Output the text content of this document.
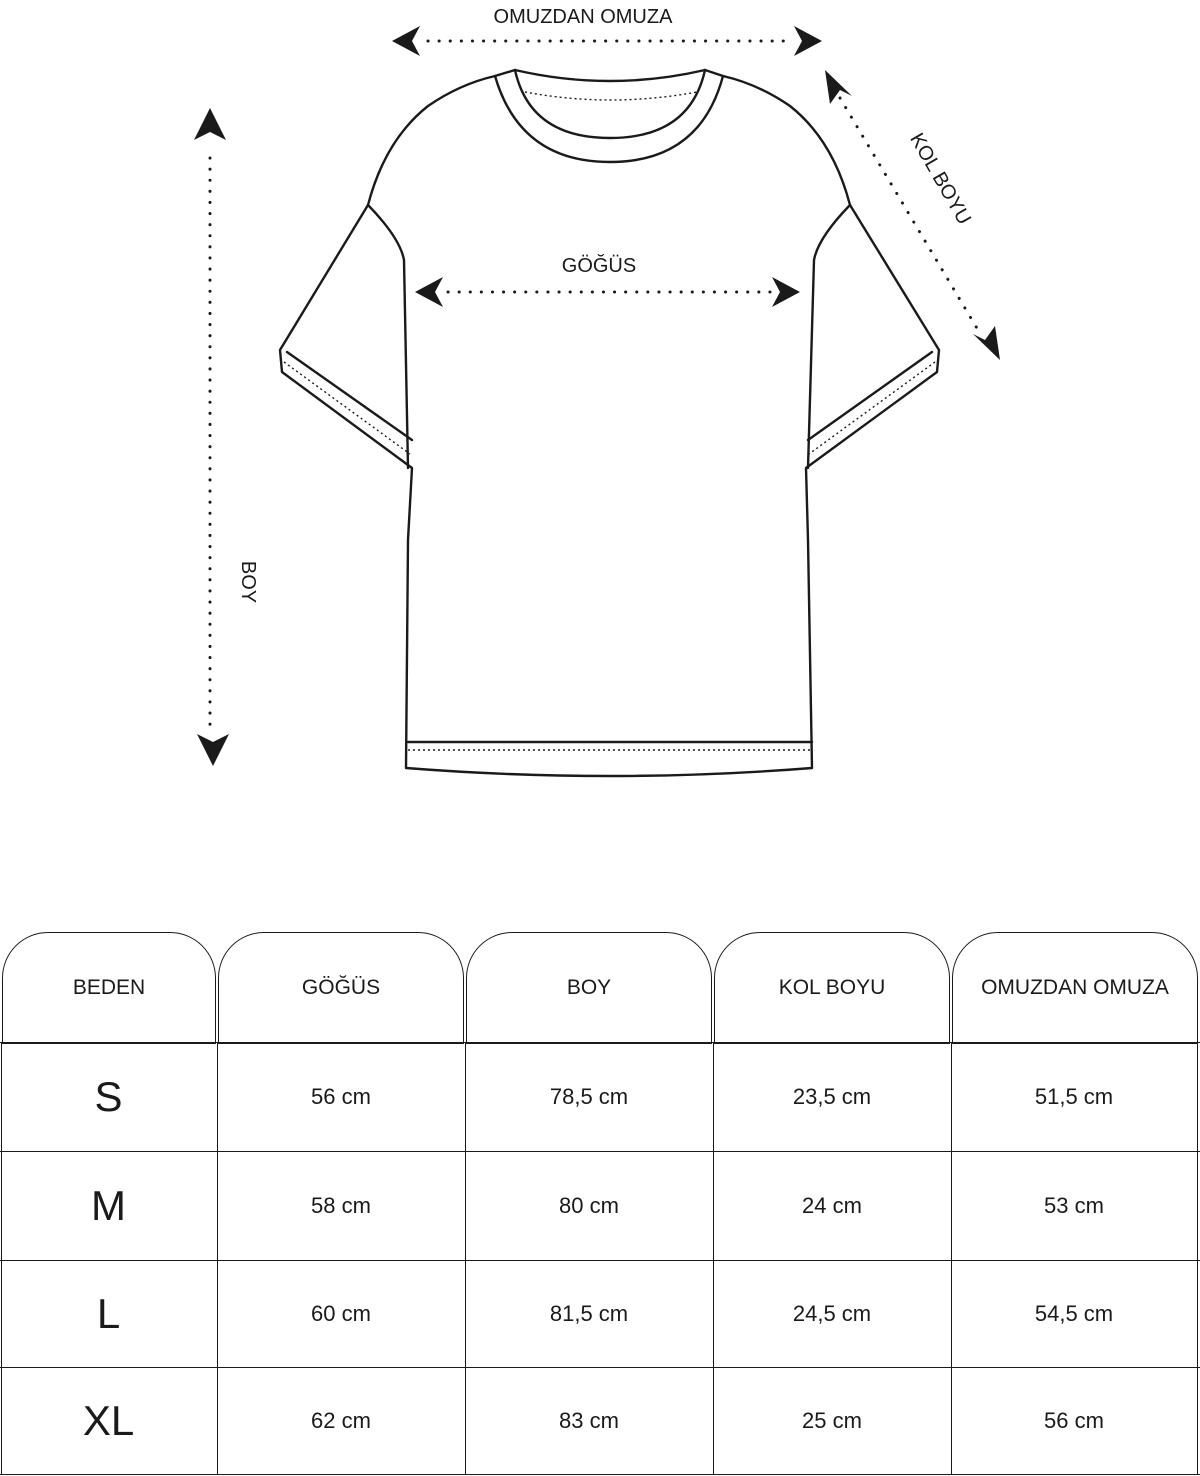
OMUZDAN OMUZA
KOL BOYU
GÖĞÜS
BOY
BEDEN	GÖĞÜS	BOY	KOL BOYU	OMUZDAN OMUZA
S	56 cm	78,5 cm	23,5 cm	51,5 cm
M	58 cm	80 cm	24 cm	53 cm
L	60 cm	81,5 cm	24,5 cm	54,5 cm
XL	62 cm	83 cm	25 cm	56 cm
